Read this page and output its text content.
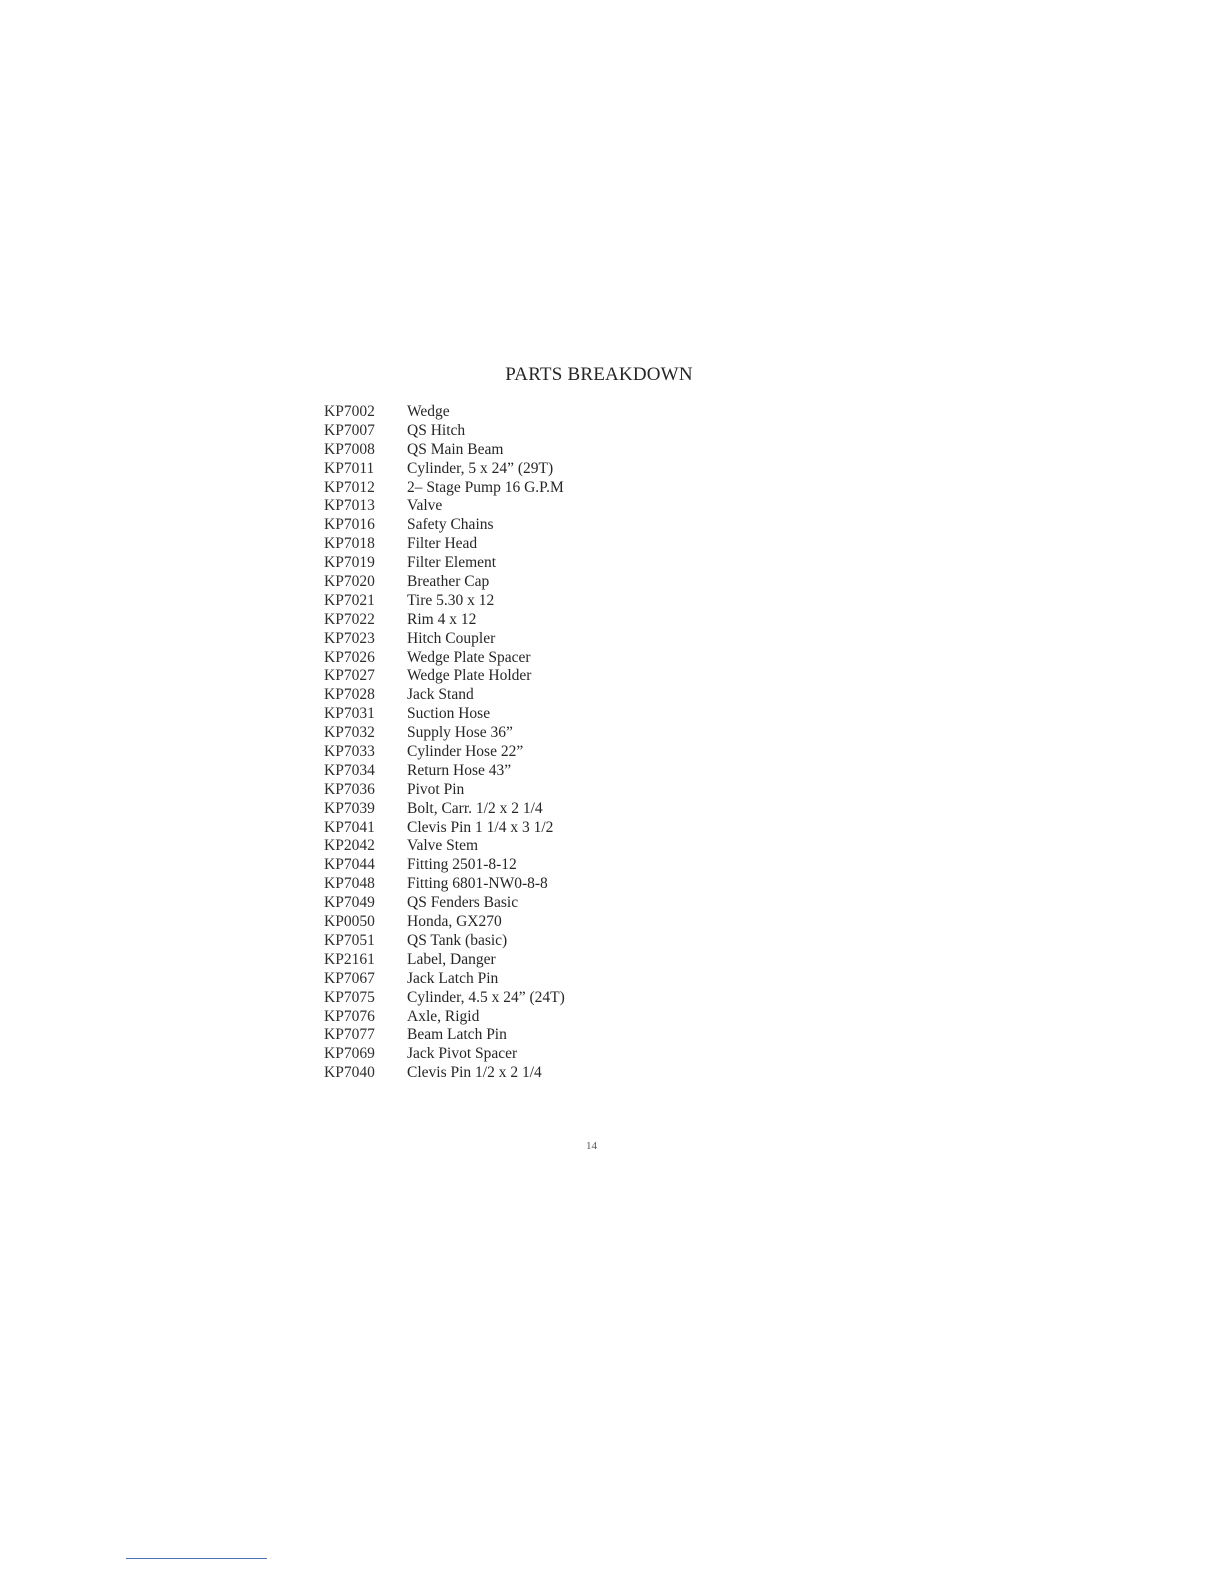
PARTS BREAKDOWN
KP7002	Wedge
KP7007	QS Hitch
KP7008	QS Main Beam
KP7011	Cylinder, 5 x 24” (29T)
KP7012	2– Stage Pump 16 G.P.M
KP7013	Valve
KP7016	Safety Chains
KP7018	Filter Head
KP7019	Filter Element
KP7020	Breather Cap
KP7021	Tire 5.30 x 12
KP7022	Rim 4 x 12
KP7023	Hitch Coupler
KP7026	Wedge Plate Spacer
KP7027	Wedge Plate Holder
KP7028	Jack Stand
KP7031	Suction Hose
KP7032	Supply Hose 36”
KP7033	Cylinder Hose 22”
KP7034	Return Hose 43”
KP7036	Pivot Pin
KP7039	Bolt, Carr. 1/2 x 2 1/4
KP7041	Clevis Pin 1 1/4 x 3 1/2
KP2042	Valve Stem
KP7044	Fitting 2501-8-12
KP7048	Fitting 6801-NW0-8-8
KP7049	QS Fenders Basic
KP0050	Honda, GX270
KP7051	QS Tank (basic)
KP2161	Label, Danger
KP7067	Jack Latch Pin
KP7075	Cylinder, 4.5 x 24” (24T)
KP7076	Axle, Rigid
KP7077	Beam Latch Pin
KP7069	Jack Pivot Spacer
KP7040	Clevis Pin 1/2 x 2 1/4
14
